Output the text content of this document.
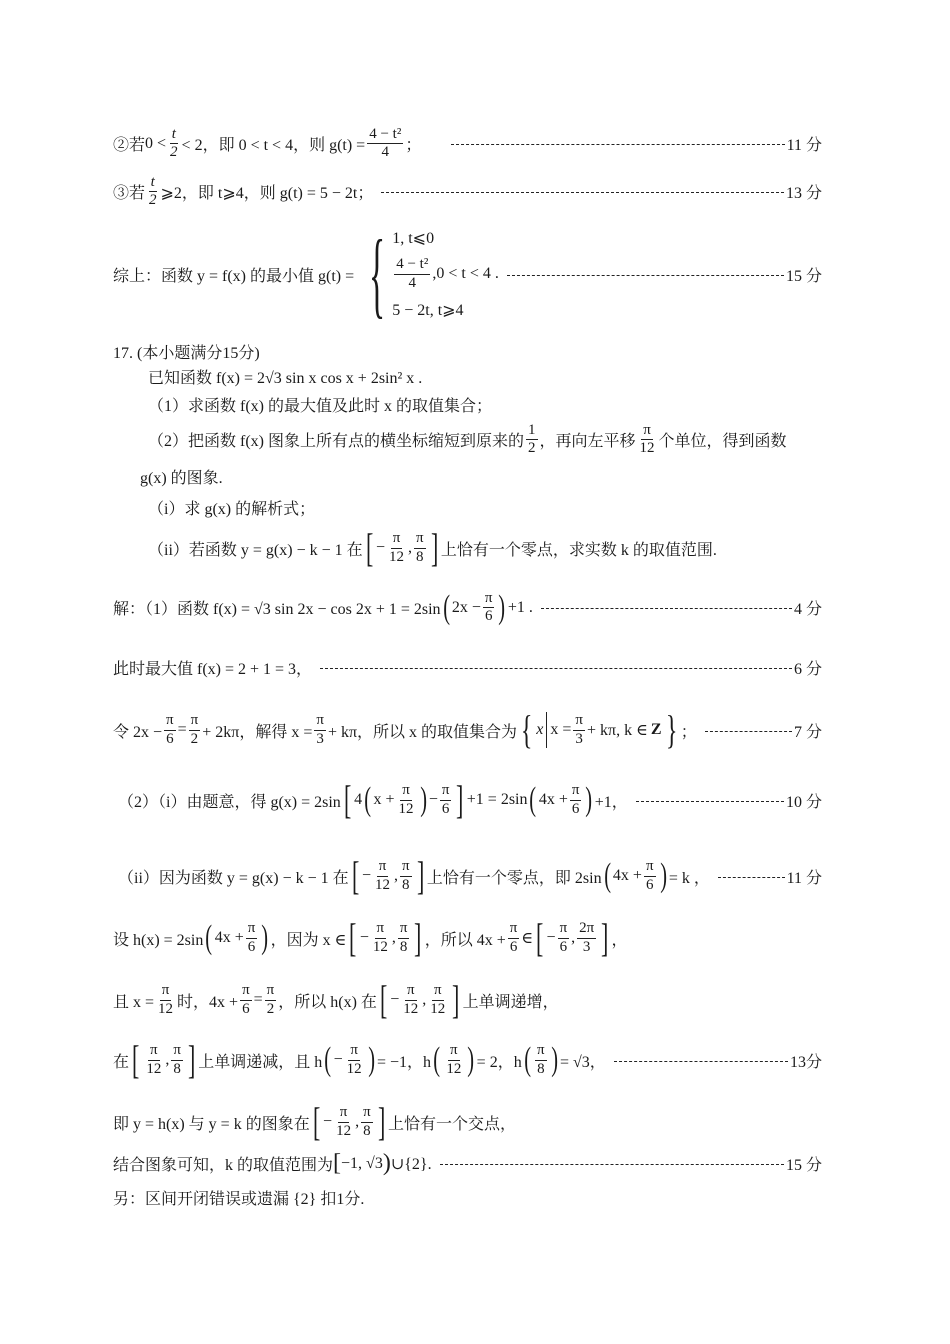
②若 $0 < \frac{t}{2} < 2$，即 0 < t < 4，则 $g(t) = \frac{\text{4 − t²}}{4}$ ；	11 分
③若 $\frac{t}{2}$ ⩾2，即 t⩾4，则 g(t) = 5 − 2t；	13 分
综上：函数 y = f(x) 的最小值 g(t) = { 1, t⩽0
$\frac{\text{4 − t²}}{4} ,0 < t < 4$
5 − 2t, t⩾4
.	15 分
17. (本小题满分15分)
已知函数 f(x) = 2√3 sin x cos x + 2sin² x .
（1）求函数 f(x) 的最大值及此时 x 的取值集合；
（2）把函数 f(x) 图象上所有点的横坐标缩短到原来的 $\frac{1}{2}$ ，再向左平移 $\frac{\pi}{12}$ 个单位，得到函数
g(x) 的图象.
（i）求 g(x) 的解析式；
（ii）若函数 y = g(x) − k − 1 在 [ − $\frac{\pi}{12}$ , $\frac{\pi}{8}$ ] 上恰有一个零点，求实数 k 的取值范围.
解：（1）函数 f(x) = √3 sin 2x − cos 2x + 1 = 2sin ( $2x - \frac{\pi}{6}$ ) +1 .	4 分
此时最大值 f(x) = 2 + 1 = 3，	6 分
令 $2x - \frac{\pi}{6} = \frac{\pi}{2} + 2k\pi$，解得 $x = \frac{\pi}{3} + k\pi$，所以 x 的取值集合为 { x $x = \frac{\pi}{3} + k\pi$, k ∈ Z } ；	7 分
（2）（i）由题意，得 g(x) = 2sin [ 4 ( $x + \frac{\pi}{12}$ ) − $\frac{\pi}{6}$ ] +1 = 2sin ( $4x + \frac{\pi}{6}$ ) +1，	10 分
（ii）因为函数 y = g(x) − k − 1 在 [ − $\frac{\pi}{12}$ , $\frac{\pi}{8}$ ] 上恰有一个零点，即 2sin ( $4x + \frac{\pi}{6}$ ) = k ，	11 分
设 h(x) = 2sin ( $4x + \frac{\pi}{6}$ ) ，因为 x ∈ [ − $\frac{\pi}{12}$ , $\frac{\pi}{8}$ ] ，所以 $4x + \frac{\pi}{6}$ ∈ [ − $\frac{\pi}{6}$ , $\frac{2\pi}{3}$ ] ，
且 $x = \frac{\pi}{12}$ 时，$4x + \frac{\pi}{6} = \frac{\pi}{2}$ ，所以 h(x) 在 [ − $\frac{\pi}{12}$ , $\frac{\pi}{12}$ ] 上单调递增，
在 [ $\frac{\pi}{12}$ , $\frac{\pi}{8}$ ] 上单调递减，且 h ( − $\frac{\pi}{12}$ ) = −1，h ( $\frac{\pi}{12}$ ) = 2，h ( $\frac{\pi}{8}$ ) = √3，	13分
即 y = h(x) 与 y = k 的图象在 [ − $\frac{\pi}{12}$ , $\frac{\pi}{8}$ ] 上恰有一个交点，
结合图象可知，k 的取值范围为 [ −1, √3 ) ∪{2}.	15 分
另：区间开闭错误或遗漏 {2} 扣1分.
